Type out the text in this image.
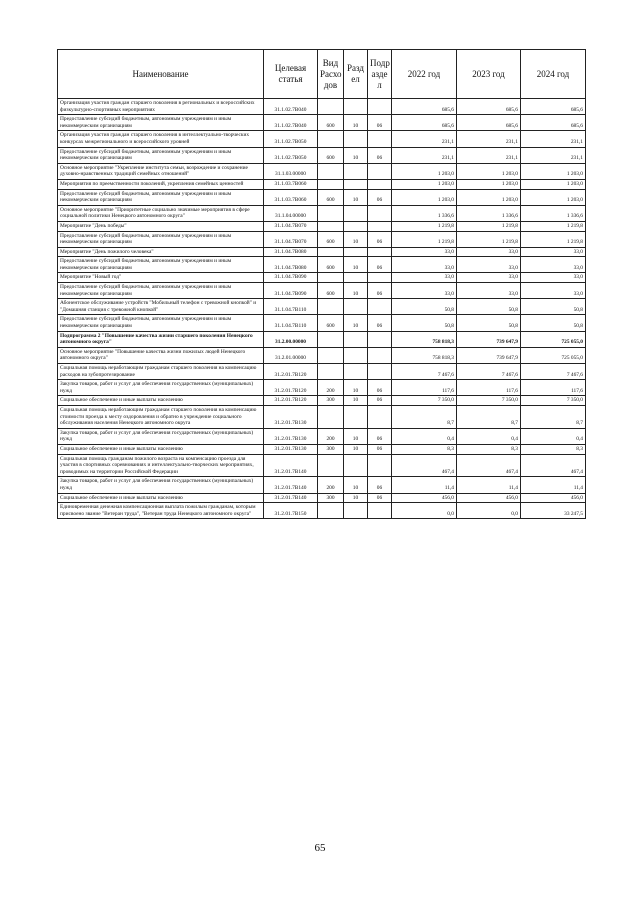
Наименование	Целевая статья	Вид Расхо дов	Разд ел	Подр азде л	2022 год	2023 год	2024 год
Организация участия граждан старшего поколения в региональных и всероссийских физкультурно-спортивных мероприятиях	31.1.02.7В040				685,6	685,6	685,6
Предоставление субсидий бюджетным, автономным учреждениям и иным некоммерческим организациям	31.1.02.7В040	600	10	06	685,6	685,6	685,6
Организация участия граждан старшего поколения в интеллектуально-творческих конкурсах межрегионального и всероссийского уровней	31.1.02.7В050				231,1	231,1	231,1
Предоставление субсидий бюджетным, автономным учреждениям и иным некоммерческим организациям	31.1.02.7В050	600	10	06	231,1	231,1	231,1
Основное мероприятие "Укрепление института семьи, возрождение и сохранение духовно-нравственных традиций семейных отношений"	31.1.03.00000				1 203,0	1 203,0	1 203,0
Мероприятия по преемственности поколений, укрепления семейных ценностей	31.1.03.7В060				1 203,0	1 203,0	1 203,0
Предоставление субсидий бюджетным, автономным учреждениям и иным некоммерческим организациям	31.1.03.7В060	600	10	06	1 203,0	1 203,0	1 203,0
Основное мероприятие "Приоритетные социально значимые мероприятия в сфере социальной политики Ненецкого автономного округа"	31.1.04.00000				1 336,6	1 336,6	1 336,6
Мероприятие "День победы"	31.1.04.7В070				1 219,8	1 219,8	1 219,8
Предоставление субсидий бюджетным, автономным учреждениям и иным некоммерческим организациям	31.1.04.7В070	600	10	06	1 219,8	1 219,8	1 219,8
Мероприятие "День пожилого человека"	31.1.04.7В080				33,0	33,0	33,0
Предоставление субсидий бюджетным, автономным учреждениям и иным некоммерческим организациям	31.1.04.7В080	600	10	06	33,0	33,0	33,0
Мероприятие "Новый год"	31.1.04.7В090				33,0	33,0	33,0
Предоставление субсидий бюджетным, автономным учреждениям и иным некоммерческим организациям	31.1.04.7В090	600	10	06	33,0	33,0	33,0
Абонентское обслуживание устройств "Мобильный телефон с тревожной кнопкой" и "Домашняя станция с тревожной кнопкой"	31.1.04.7В110				50,8	50,8	50,8
Предоставление субсидий бюджетным, автономным учреждениям и иным некоммерческим организациям	31.1.04.7В110	600	10	06	50,8	50,8	50,8
Подпрограмма 2 "Повышение качества жизни старшего поколения Ненецкого автономного округа"	31.2.00.00000				758 818,3	739 647,9	725 055,0
Основное мероприятие "Повышение качества жизни пожилых людей Ненецкого автономного округа"	31.2.01.00000				758 818,3	739 647,9	725 055,0
Социальная помощь неработающим гражданам старшего поколения на компенсацию расходов на зубопротезирование	31.2.01.7В120				7 467,6	7 467,6	7 467,6
Закупка товаров, работ и услуг для обеспечения государственных (муниципальных) нужд	31.2.01.7В120	200	10	06	117,6	117,6	117,6
Социальное обеспечение и иные выплаты населению	31.2.01.7В120	300	10	06	7 350,0	7 350,0	7 350,0
Социальная помощь неработающим гражданам старшего поколения на компенсацию стоимости проезда к месту оздоровления и обратно в учреждение социального обслуживания населения Ненецкого автономного округа	31.2.01.7В130				8,7	8,7	8,7
Закупка товаров, работ и услуг для обеспечения государственных (муниципальных) нужд	31.2.01.7В130	200	10	06	0,4	0,4	0,4
Социальное обеспечение и иные выплаты населению	31.2.01.7В130	300	10	06	8,3	8,3	8,3
Социальная помощь гражданам пожилого возраста на компенсацию проезда для участия в спортивных соревнованиях и интеллектуально-творческих мероприятиях, проводимых на территории Российской Федерации	31.2.01.7В140				467,4	467,4	467,4
Закупка товаров, работ и услуг для обеспечения государственных (муниципальных) нужд	31.2.01.7В140	200	10	06	11,4	11,4	11,4
Социальное обеспечение и иные выплаты населению	31.2.01.7В140	300	10	06	456,0	456,0	456,0
Единовременная денежная компенсационная выплата пожилым гражданам, которым присвоено звание "Ветеран труда", "Ветеран труда Ненецкого автономного округа"	31.2.01.7В150				0,0	0,0	33 247,5
65
